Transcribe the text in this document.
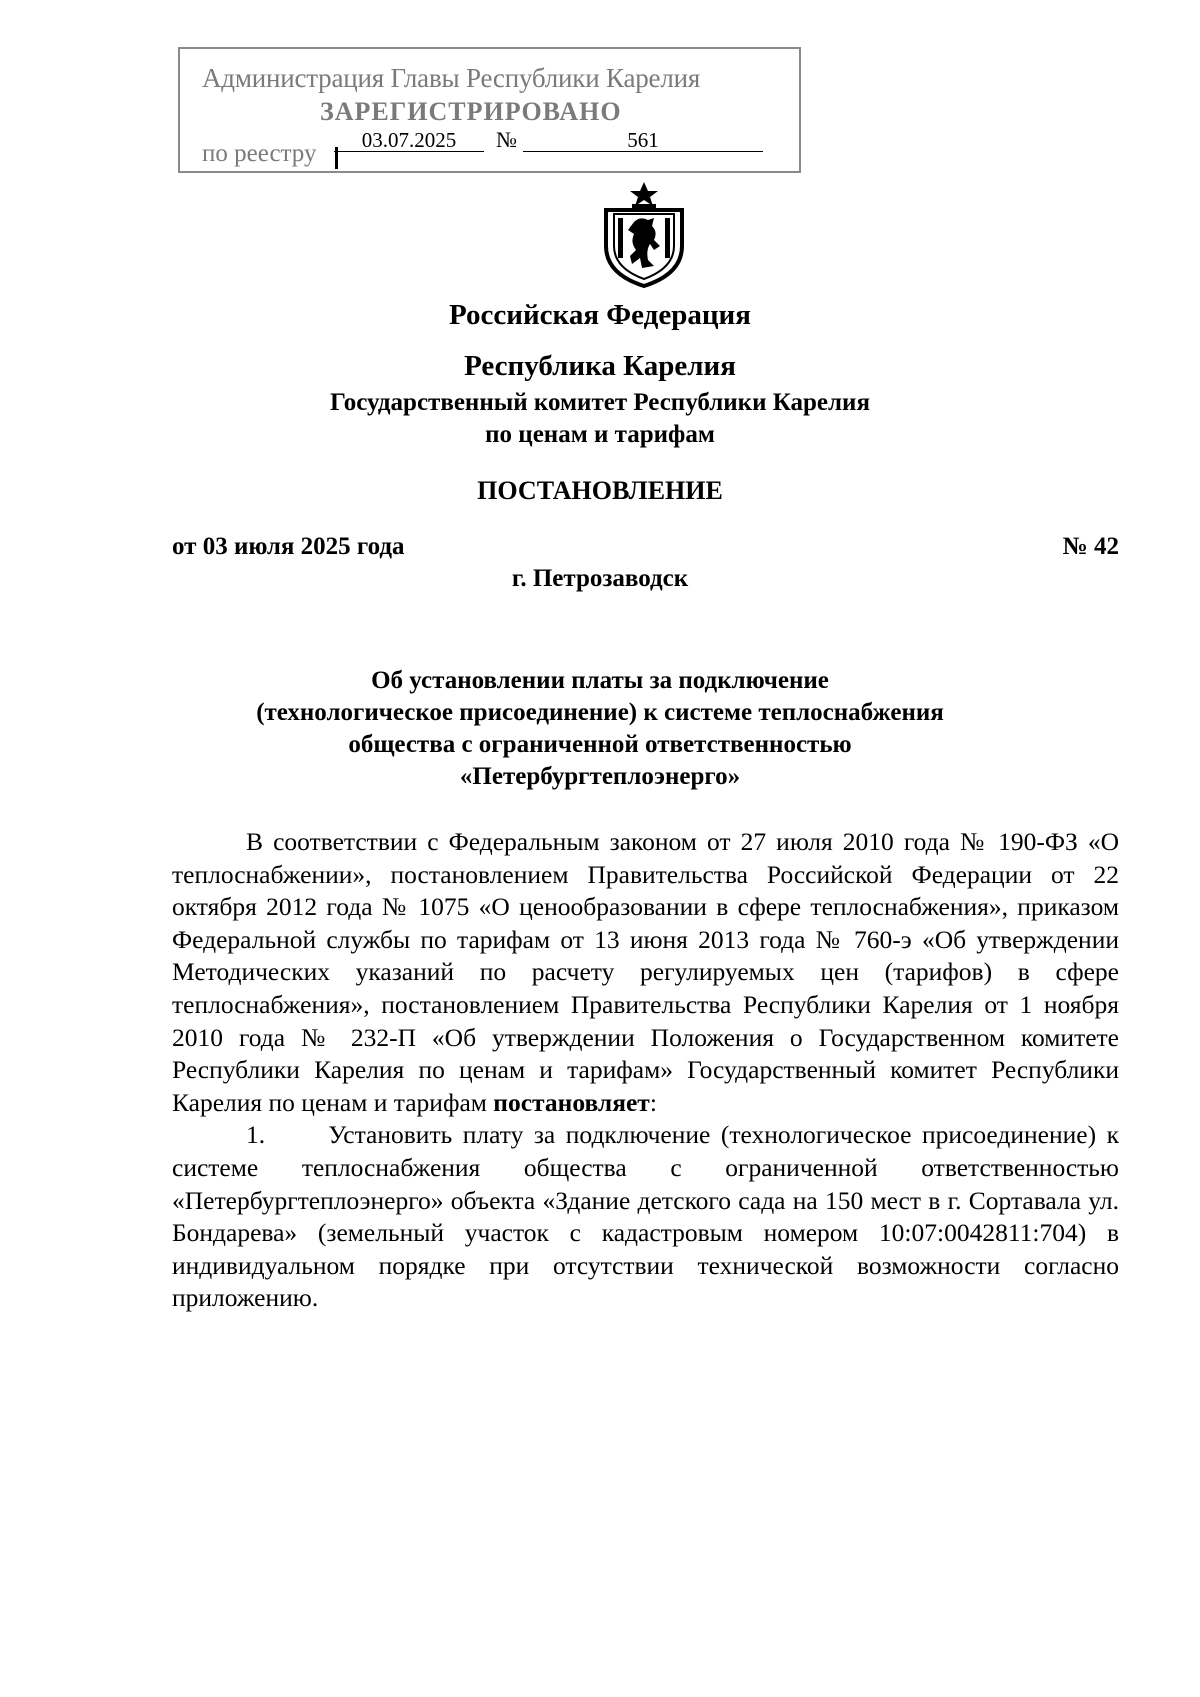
Администрация Главы Республики Карелия
ЗАРЕГИСТРИРОВАНО
по реестру	03.07.2025	№	561
Российская Федерация
Республика Карелия
Государственный комитет Республики Карелия
по ценам и тарифам
ПОСТАНОВЛЕНИЕ
от 03 июля 2025 года	№ 42
г. Петрозаводск
Об установлении платы за подключение
(технологическое присоединение) к системе теплоснабжения
общества с ограниченной ответственностью
«Петербургтеплоэнерго»

В соответствии с Федеральным законом от 27 июля 2010 года № 190-ФЗ «О теплоснабжении», постановлением Правительства Российской Федерации от 22 октября 2012 года № 1075 «О ценообразовании в сфере теплоснабжения», приказом Федеральной службы по тарифам от 13 июня 2013 года № 760-э «Об утверждении Методических указаний по расчету регулируемых цен (тарифов) в сфере теплоснабжения», постановлением Правительства Республики Карелия от 1 ноября 2010 года № 232-П «Об утверждении Положения о Государственном комитете Республики Карелия по ценам и тарифам» Государственный комитет Республики Карелия по ценам и тарифам постановляет:

1.      Установить плату за подключение (технологическое присоединение) к системе теплоснабжения общества с ограниченной ответственностью «Петербургтеплоэнерго» объекта «Здание детского сада на 150 мест в г. Сортавала ул. Бондарева» (земельный участок с кадастровым номером 10:07:0042811:704) в индивидуальном порядке при отсутствии технической возможности согласно приложению.
